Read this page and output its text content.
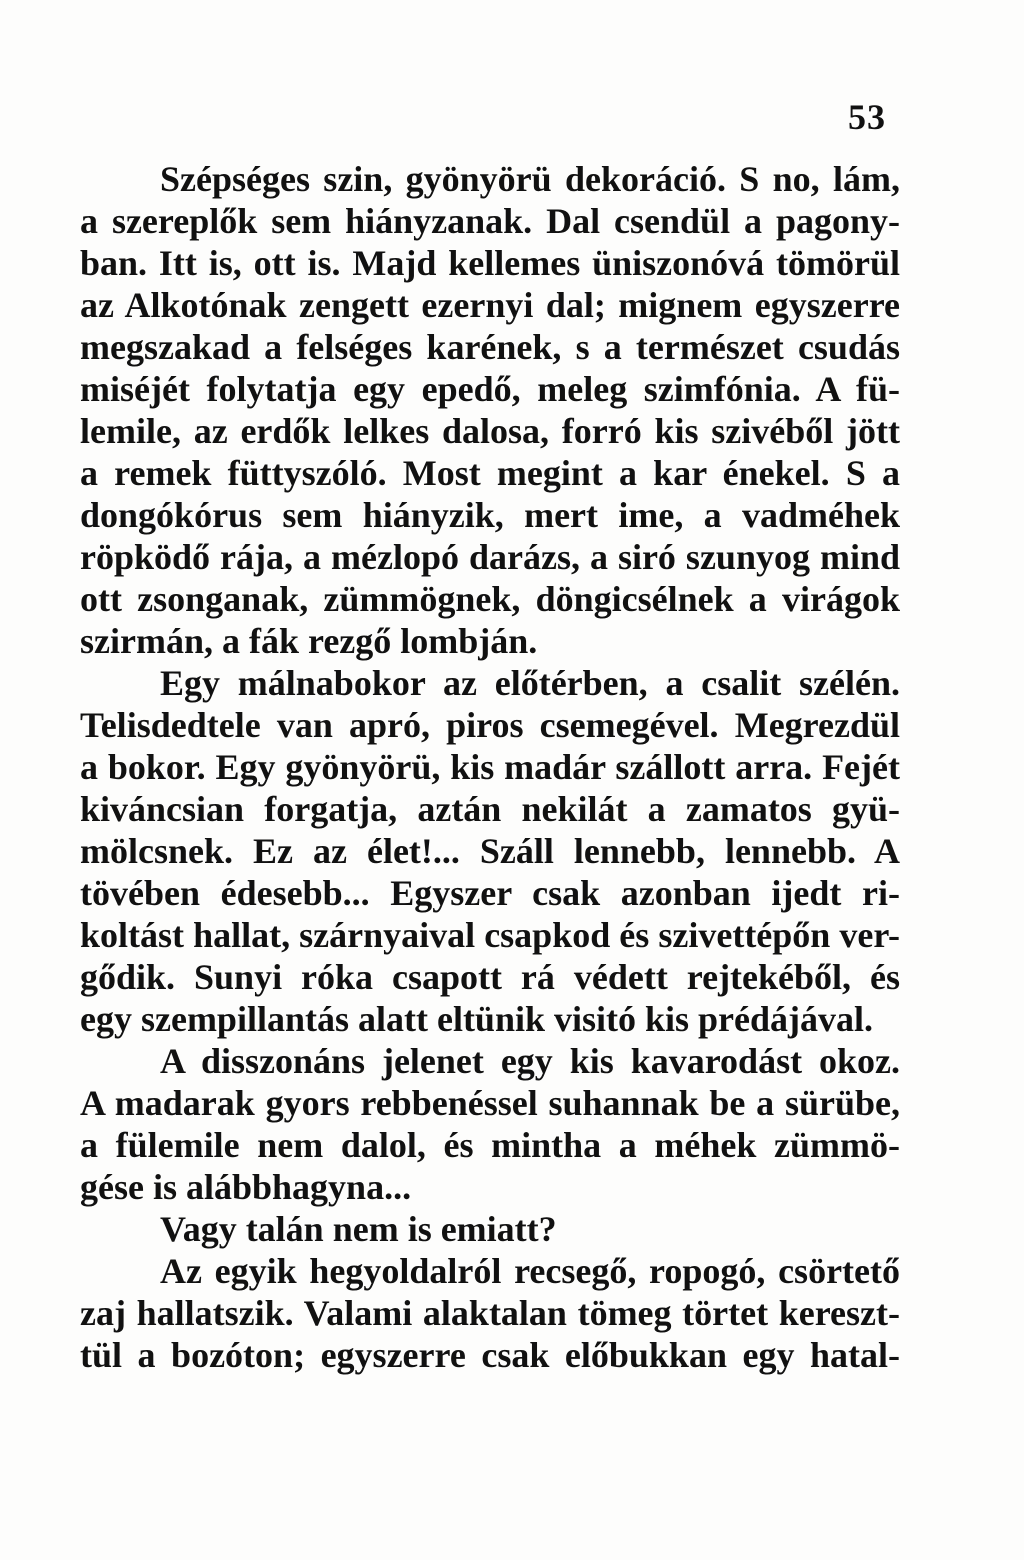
53
Szépséges szin, gyönyörü dekoráció. S no, lám,
a szereplők sem hiányzanak. Dal csendül a pagony-
ban. Itt is, ott is. Majd kellemes üniszonóvá tömörül
az Alkotónak zengett ezernyi dal; mignem egyszerre
megszakad a felséges karének, s a természet csudás
miséjét folytatja egy epedő, meleg szimfónia. A fü-
lemile, az erdők lelkes dalosa, forró kis szivéből jött
a remek füttyszóló. Most megint a kar énekel. S a
dongókórus sem hiányzik, mert ime, a vadméhek
röpködő rája, a mézlopó darázs, a siró szunyog mind
ott zsonganak, zümmögnek, döngicsélnek a virágok
szirmán, a fák rezgő lombján.
Egy málnabokor az előtérben, a csalit szélén.
Telisdedtele van apró, piros csemegével. Megrezdül
a bokor. Egy gyönyörü, kis madár szállott arra. Fejét
kiváncsian forgatja, aztán nekilát a zamatos gyü-
mölcsnek. Ez az élet!... Száll lennebb, lennebb. A
tövében édesebb... Egyszer csak azonban ijedt ri-
koltást hallat, szárnyaival csapkod és szivettépőn ver-
gődik. Sunyi róka csapott rá védett rejtekéből, és
egy szempillantás alatt eltünik visitó kis prédájával.
A disszonáns jelenet egy kis kavarodást okoz.
A madarak gyors rebbenéssel suhannak be a sürübe,
a fülemile nem dalol, és mintha a méhek zümmö-
gése is alábbhagyna...
Vagy talán nem is emiatt?
Az egyik hegyoldalról recsegő, ropogó, csörtető
zaj hallatszik. Valami alaktalan tömeg törtet kereszt-
tül a bozóton; egyszerre csak előbukkan egy hatal-
